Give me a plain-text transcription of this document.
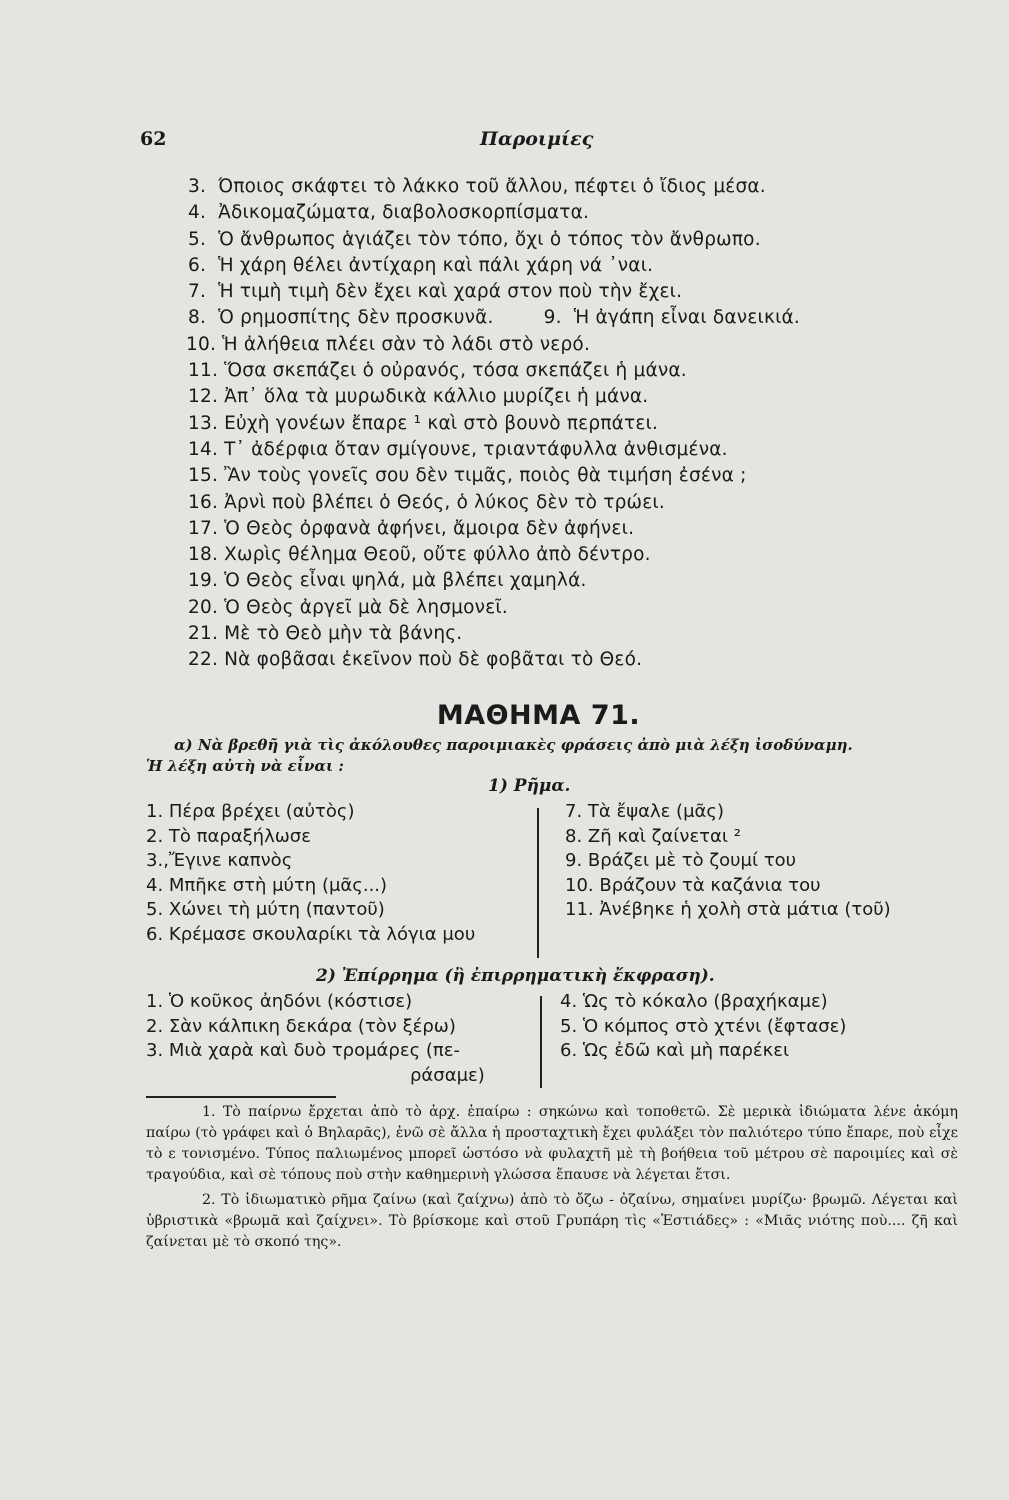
62	Παροιμίες
3. Όποιος σκάφτει τὸ λάκκο τοῦ ἄλλου, πέφτει ὁ ἴδιος μέσα.
4. Ἀδικομαζώματα, διαβολοσκορπίσματα.
5. Ὁ ἄνθρωπος ἁγιάζει τὸν τόπο, ὄχι ὁ τόπος τὸν ἄνθρωπο.
6. Ἡ χάρη θέλει ἀντίχαρη καὶ πάλι χάρη νά ᾿ναι.
7. Ἡ τιμὴ τιμὴ δὲν ἔχει καὶ χαρά στον ποὺ τὴν ἔχει.
8. Ὁ ρημοσπίτης δὲν προσκυνᾶ.	9. Ἡ ἀγάπη εἶναι δανεικιά.
10. Ἡ ἀλήθεια πλέει σὰν τὸ λάδι στὸ νερό.
11. Ὅσα σκεπάζει ὁ οὐρανός, τόσα σκεπάζει ἡ μάνα.
12. Ἀπ᾿ ὅλα τὰ μυρωδικὰ κάλλιο μυρίζει ἡ μάνα.
13. Εὐχὴ γονέων ἔπαρε ¹ καὶ στὸ βουνὸ περπάτει.
14. Τ᾿ ἀδέρφια ὅταν σμίγουνε, τριαντάφυλλα ἀνθισμένα.
15. Ἂν τοὺς γονεῖς σου δὲν τιμᾶς, ποιὸς θὰ τιμήση ἐσένα ;
16. Ἀρνὶ ποὺ βλέπει ὁ Θεός, ὁ λύκος δὲν τὸ τρώει.
17. Ὁ Θεὸς ὀρφανὰ ἀφήνει, ἄμοιρα δὲν ἀφήνει.
18. Χωρὶς θέλημα Θεοῦ, οὔτε φύλλο ἀπὸ δέντρο.
19. Ὁ Θεὸς εἶναι ψηλά, μὰ βλέπει χαμηλά.
20. Ὁ Θεὸς ἀργεῖ μὰ δὲ λησμονεῖ.
21. Μὲ τὸ Θεὸ μὴν τὰ βάνης.
22. Νὰ φοβᾶσαι ἐκεῖνον ποὺ δὲ φοβᾶται τὸ Θεό.
ΜΑΘΗΜΑ 71.
α) Νὰ βρεθῆ γιὰ τὶς ἀκόλουθες παροιμιακὲς φράσεις ἀπὸ μιὰ λέξη ἰσοδύναμη.
Ἡ λέξη αὐτὴ νὰ εἶναι :
1) Ρῆμα.
1. Πέρα βρέχει (αὐτὸς)
2. Τὸ παραξήλωσε
3.‚Ἔγινε καπνὸς
4. Μπῆκε στὴ μύτη (μᾶς...)
5. Χώνει τὴ μύτη (παντοῦ)
6. Κρέμασε σκουλαρίκι τὰ λόγια μου
7. Τὰ ἔψαλε (μᾶς)
8. Ζῆ καὶ ζαίνεται ²
9. Βράζει μὲ τὸ ζουμί του
10. Βράζουν τὰ καζάνια του
11. Ἀνέβηκε ἡ χολὴ στὰ μάτια (τοῦ)
2) Ἐπίρρημα (ἢ ἐπιρρηματικὴ ἔκφραση).
1. Ὁ κοῦκος ἀηδόνι (κόστισε)
2. Σὰν κάλπικη δεκάρα (τὸν ξέρω)
3. Μιὰ χαρὰ καὶ δυὸ τρομάρες (πε-
ράσαμε)
4. Ὡς τὸ κόκαλο (βραχήκαμε)
5. Ὁ κόμπος στὸ χτένι (ἔφτασε)
6. Ὡς ἐδῶ καὶ μὴ παρέκει

1. Τὸ παίρνω ἔρχεται ἀπὸ τὸ ἀρχ. ἐπαίρω : σηκώνω καὶ τοποθετῶ. Σὲ μερικὰ ἰδιώματα λένε ἀκόμη παίρω (τὸ γράφει καὶ ὁ Βηλαρᾶς), ἐνῶ σὲ ἄλλα ἡ προσταχτικὴ ἔχει φυλάξει τὸν παλιότερο τύπο ἔπαρε, ποὺ εἶχε τὸ ε τονισμένο. Τύπος παλιωμένος μπορεῖ ὡστόσο νὰ φυλαχτῆ μὲ τὴ βοήθεια τοῦ μέτρου σὲ παροιμίες καὶ σὲ τραγούδια, καὶ σὲ τόπους ποὺ στὴν καθημερινὴ γλώσσα ἔπαυσε νὰ λέγεται ἔτσι.

2. Τὸ ἰδιωματικὸ ρῆμα ζαίνω (καὶ ζαίχνω) ἀπὸ τὸ ὄζω - ὀζαίνω, σημαίνει μυρίζω· βρωμῶ. Λέγεται καὶ ὑβριστικὰ «βρωμᾶ καὶ ζαίχνει». Τὸ βρίσκομε καὶ στοῦ Γρυπάρη τὶς «Ἑστιάδες» : «Μιᾶς νιότης ποὺ.... ζῆ καὶ ζαίνεται μὲ τὸ σκοπό της».
